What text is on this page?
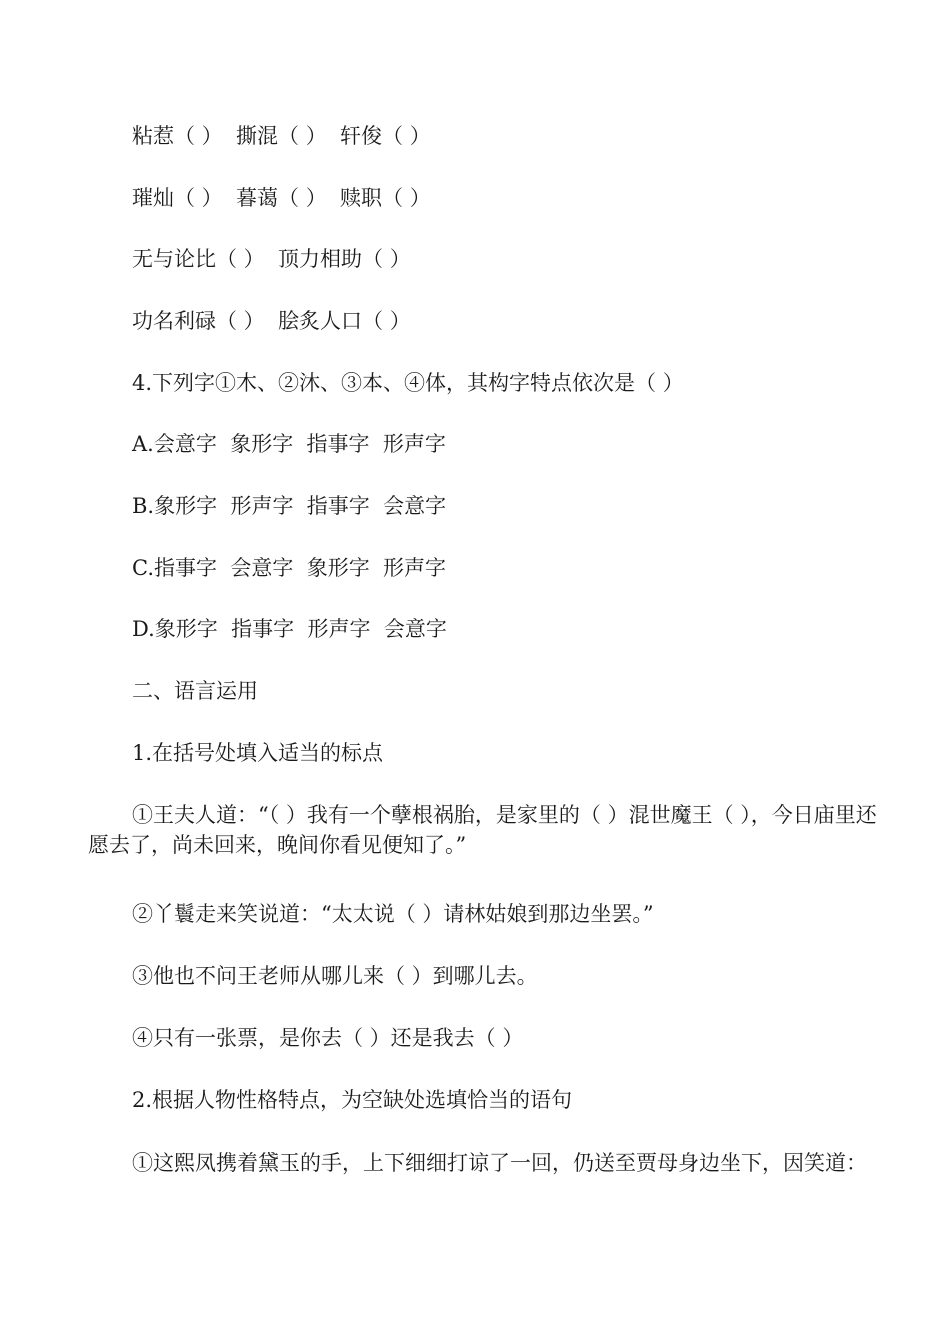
粘惹（ ）  撕混（ ）  轩俊（ ）
璀灿（ ）  暮蔼（ ）  赎职（ ）
无与论比（ ）  顶力相助（ ）
功名利碌（ ）  脍炙人口（ ）
4.下列字①木、②沐、③本、④体，其构字特点依次是（ ）
A.会意字  象形字  指事字  形声字
B.象形字  形声字  指事字  会意字
C.指事字  会意字  象形字  形声字
D.象形字  指事字  形声字  会意字
二、语言运用
1.在括号处填入适当的标点
①王夫人道：“（ ）我有一个孽根祸胎，是家里的（ ）混世魔王（ ），今日庙里还愿去了，尚未回来，晚间你看见便知了。”
②丫鬟走来笑说道：“太太说（ ）请林姑娘到那边坐罢。”
③他也不问王老师从哪儿来（ ）到哪儿去。
④只有一张票，是你去（ ）还是我去（ ）
2.根据人物性格特点，为空缺处选填恰当的语句
①这熙凤携着黛玉的手，上下细细打谅了一回，仍送至贾母身边坐下，因笑道：
